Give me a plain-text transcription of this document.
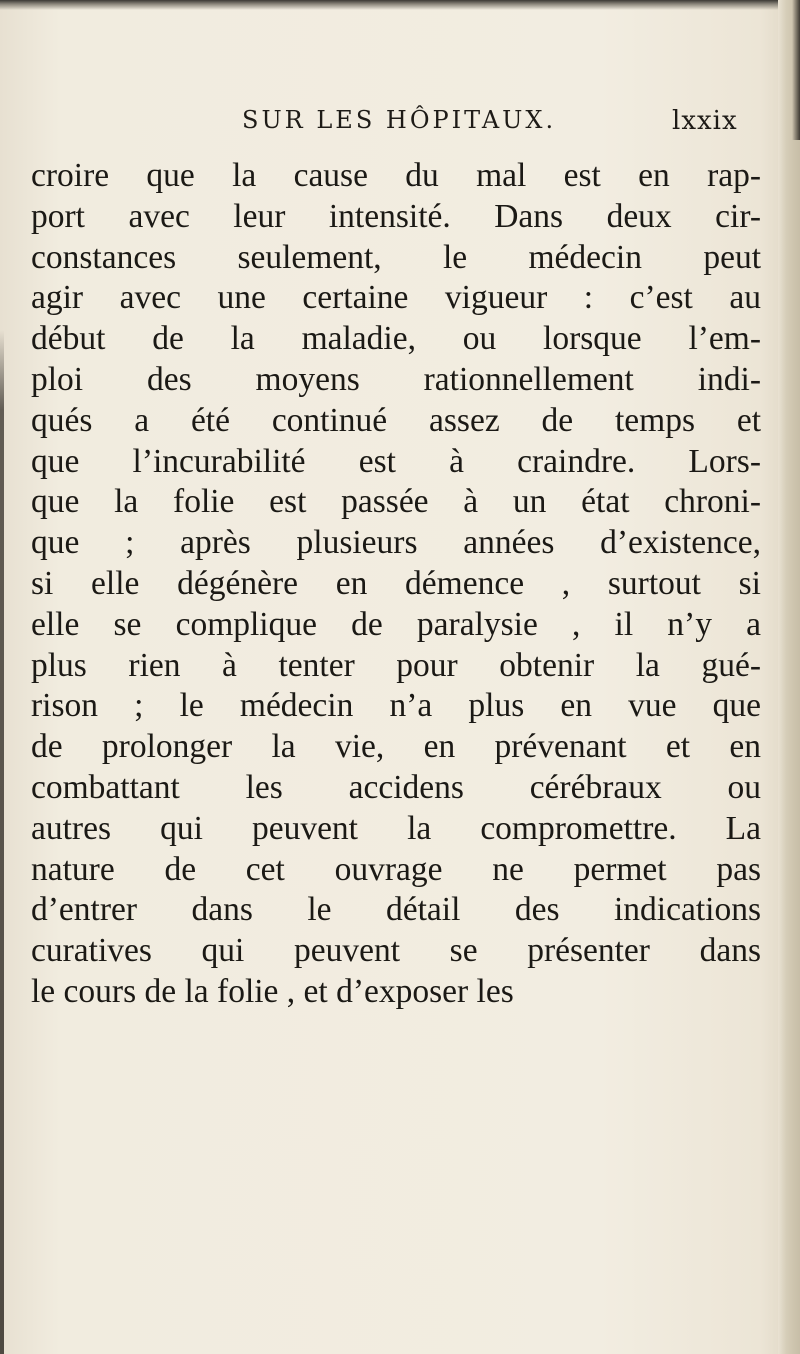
SUR LES HÔPITAUX.	lxxix
croire que la cause du mal est en rap-
port avec leur intensité. Dans deux cir-
constances seulement, le médecin peut
agir avec une certaine vigueur : c’est au
début de la maladie, ou lorsque l’em-
ploi des moyens rationnellement indi-
qués a été continué assez de temps et
que l’incurabilité est à craindre. Lors-
que la folie est passée à un état chroni-
que ; après plusieurs années d’existence,
si elle dégénère en démence , surtout si
elle se complique de paralysie , il n’y a
plus rien à tenter pour obtenir la gué-
rison ; le médecin n’a plus en vue que
de prolonger la vie, en prévenant et en
combattant les accidens cérébraux ou
autres qui peuvent la compromettre. La
nature de cet ouvrage ne permet pas
d’entrer dans le détail des indications
curatives qui peuvent se présenter dans
le cours de la folie , et d’exposer les
